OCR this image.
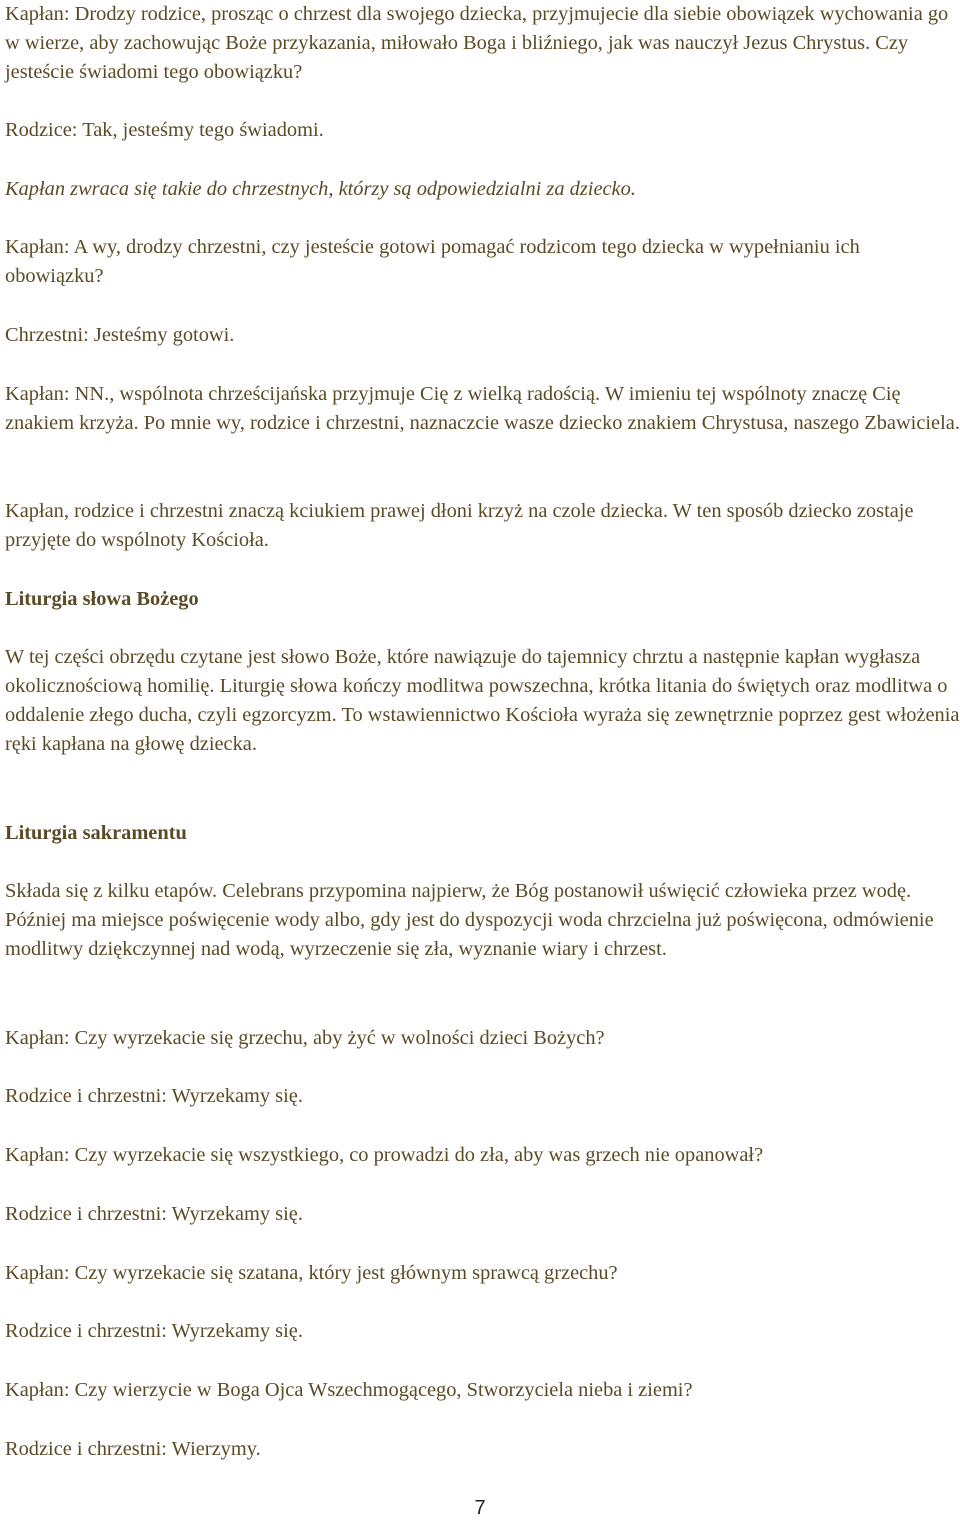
Kapłan: Drodzy rodzice, prosząc o chrzest dla swojego dziecka, przyjmujecie dla siebie obowiązek wychowania go w wierze, aby zachowując Boże przykazania, miłowało Boga i bliźniego, jak was nauczył Jezus Chrystus. Czy jesteście świadomi tego obowiązku?

Rodzice: Tak, jesteśmy tego świadomi.

Kapłan zwraca się takie do chrzestnych, którzy są odpowiedzialni za dziecko.

Kapłan: A wy, drodzy chrzestni, czy jesteście gotowi pomagać rodzicom tego dziecka w wypełnianiu ich obowiązku?

Chrzestni: Jesteśmy gotowi.

Kapłan: NN., wspólnota chrześcijańska przyjmuje Cię z wielką radością. W imieniu tej wspólnoty znaczę Cię znakiem krzyża. Po mnie wy, rodzice i chrzestni, naznaczcie wasze dziecko znakiem Chrystusa, naszego Zbawiciela.

Kapłan, rodzice i chrzestni znaczą kciukiem prawej dłoni krzyż na czole dziecka. W ten sposób dziecko zostaje przyjęte do wspólnoty Kościoła.

Liturgia słowa Bożego

W tej części obrzędu czytane jest słowo Boże, które nawiązuje do tajemnicy chrztu a następnie kapłan wygłasza okolicznościową homilię. Liturgię słowa kończy modlitwa powszechna, krótka litania do świętych oraz modlitwa o oddalenie złego ducha, czyli egzorcyzm. To wstawiennictwo Kościoła wyraża się zewnętrznie poprzez gest włożenia ręki kapłana na głowę dziecka.

Liturgia sakramentu

Składa się z kilku etapów. Celebrans przypomina najpierw, że Bóg postanowił uświęcić człowieka przez wodę. Później ma miejsce poświęcenie wody albo, gdy jest do dyspozycji woda chrzcielna już poświęcona, odmówienie modlitwy dziękczynnej nad wodą, wyrzeczenie się zła, wyznanie wiary i chrzest.

Kapłan: Czy wyrzekacie się grzechu, aby żyć w wolności dzieci Bożych?

Rodzice i chrzestni: Wyrzekamy się.

Kapłan: Czy wyrzekacie się wszystkiego, co prowadzi do zła, aby was grzech nie opanował?

Rodzice i chrzestni: Wyrzekamy się.

Kapłan: Czy wyrzekacie się szatana, który jest głównym sprawcą grzechu?

Rodzice i chrzestni: Wyrzekamy się.

Kapłan: Czy wierzycie w Boga Ojca Wszechmogącego, Stworzyciela nieba i ziemi?

Rodzice i chrzestni: Wierzymy.

7
